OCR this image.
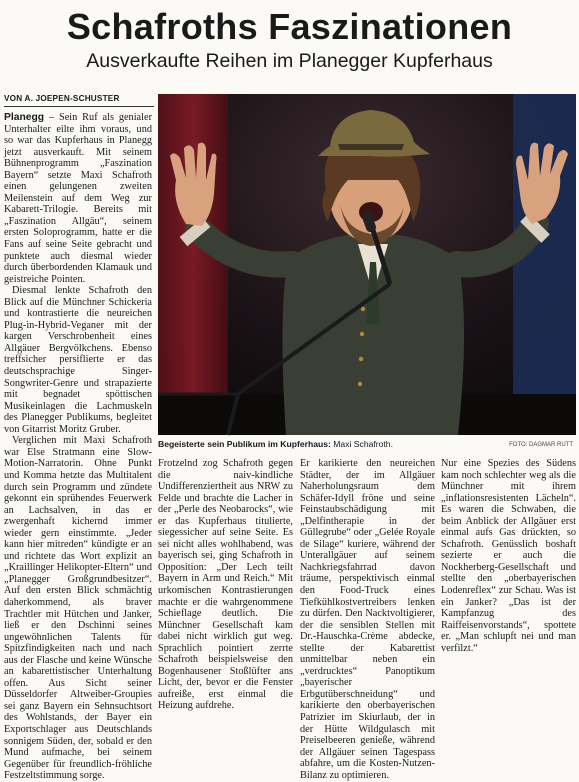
Schafroths Faszinationen
Ausverkaufte Reihen im Planegger Kupferhaus
VON A. JOEPEN-SCHUSTER
Begeisterte sein Publikum im Kupferhaus: Maxi Schafroth.	FOTO: DAGMAR RUTT

Planegg – Sein Ruf als genialer Unterhalter eilte ihm voraus, und so war das Kupferhaus in Planegg jetzt ausverkauft. Mit seinem Bühnenprogramm „Faszination Bayern“ setzte Maxi Schafroth einen gelungenen zweiten Meilenstein auf dem Weg zur Kabarett-Trilogie. Bereits mit „Faszination Allgäu“, seinem ersten Soloprogramm, hatte er die Fans auf seine Seite gebracht und punktete auch diesmal wieder durch überbordenden Klamauk und geistreiche Pointen.

Diesmal lenkte Schafroth den Blick auf die Münchner Schickeria und kontrastierte die neureichen Plug-in-Hybrid-Veganer mit der kargen Verschrobenheit eines Allgäuer Bergvölkchens. Ebenso treffsicher persiflierte er das deutschsprachige Singer-Songwriter-Genre und strapazierte mit begnadet spöttischen Musikeinlagen die Lachmuskeln des Planegger Publikums, begleitet von Gitarrist Moritz Gruber.

Verglichen mit Maxi Schafroth war Else Stratmann eine Slow-Motion-Narratorin. Ohne Punkt und Komma hetzte das Multitalent durch sein Programm und zündete gekonnt ein sprühendes Feuerwerk an Lachsalven, in das er zwergenhaft kichernd immer wieder gern einstimmte. „Jeder kann hier mitreden“ kündigte er an und richtete das Wort explizit an „Kraillinger Helikopter-Eltern“ und „Planegger Großgrundbesitzer“. Auf den ersten Blick schmächtig daherkommend, als braver Trachtler mit Hütchen und Janker, ließ er den Dschinni seines ungewöhnlichen Talents für Spitzfindigkeiten nach und nach aus der Flasche und keine Wünsche an kabarettistischer Unterhaltung offen. Aus Sicht seiner Düsseldorfer Altweiber-Groupies sei ganz Bayern ein Sehnsuchtsort des Wohlstands, der Bayer ein Exportschlager aus Deutschlands sonnigem Süden, der, sobald er den Mund aufmache, bei seinem Gegenüber für freundlich-fröhliche Festzeltstimmung sorge.

Frotzelnd zog Schafroth gegen die naiv-kindliche Undifferenziertheit aus NRW zu Felde und brachte die Lacher in der „Perle des Neobarocks“, wie er das Kupferhaus titulierte, siegessicher auf seine Seite. Es sei nicht alles wohlhabend, was bayerisch sei, ging Schafroth in Opposition: „Der Lech teilt Bayern in Arm und Reich.“ Mit urkomischen Kontrastierungen machte er die wahrgenommene Schieflage deutlich. Die Münchner Gesellschaft kam dabei nicht wirklich gut weg. Sprachlich pointiert zerrte Schafroth beispielsweise den Bogenhausener Stoßlüfter ans Licht, der, bevor er die Fenster aufreiße, erst einmal die Heizung aufdrehe.

Er karikierte den neureichen Städter, der im Allgäuer Naherholungsraum dem Schäfer-Idyll fröne und seine Feinstaubschädigung mit „Delfintherapie in der Güllegrube“ oder „Gelée Royale de Silage“ kuriere, während der Unterallgäuer auf seinem Nachkriegsfahrrad davon träume, perspektivisch einmal den Food-Truck eines Tiefkühlkostvertreibers lenken zu dürfen. Den Nacktvoltigierer, der die sensiblen Stellen mit Dr.-Hauschka-Crème abdecke, stellte der Kabarettist unmittelbar neben ein „verdrucktes“ Panoptikum „bayerischer Erbgutüberschneidung“ und karikierte den oberbayerischen Patrizier im Skiurlaub, der in der Hütte Wildgulasch mit Preiselbeeren genieße, während der Allgäuer seinen Tagespass abfahre, um die Kosten-Nutzen-Bilanz zu optimieren.

Nur eine Spezies des Südens kam noch schlechter weg als die Münchner mit ihrem „inflationsresistenten Lächeln“. Es waren die Schwaben, die beim Anblick der Allgäuer erst einmal aufs Gas drückten, so Schafroth. Genüsslich boshaft sezierte er auch die Nockherberg-Gesellschaft und stellte den „oberbayerischen Lodenreflex“ zur Schau. Was ist ein Janker? „Das ist der Kampfanzug des Raiffeisenvorstands“, spottete er. „Man schlupft nei und man verfilzt.“
